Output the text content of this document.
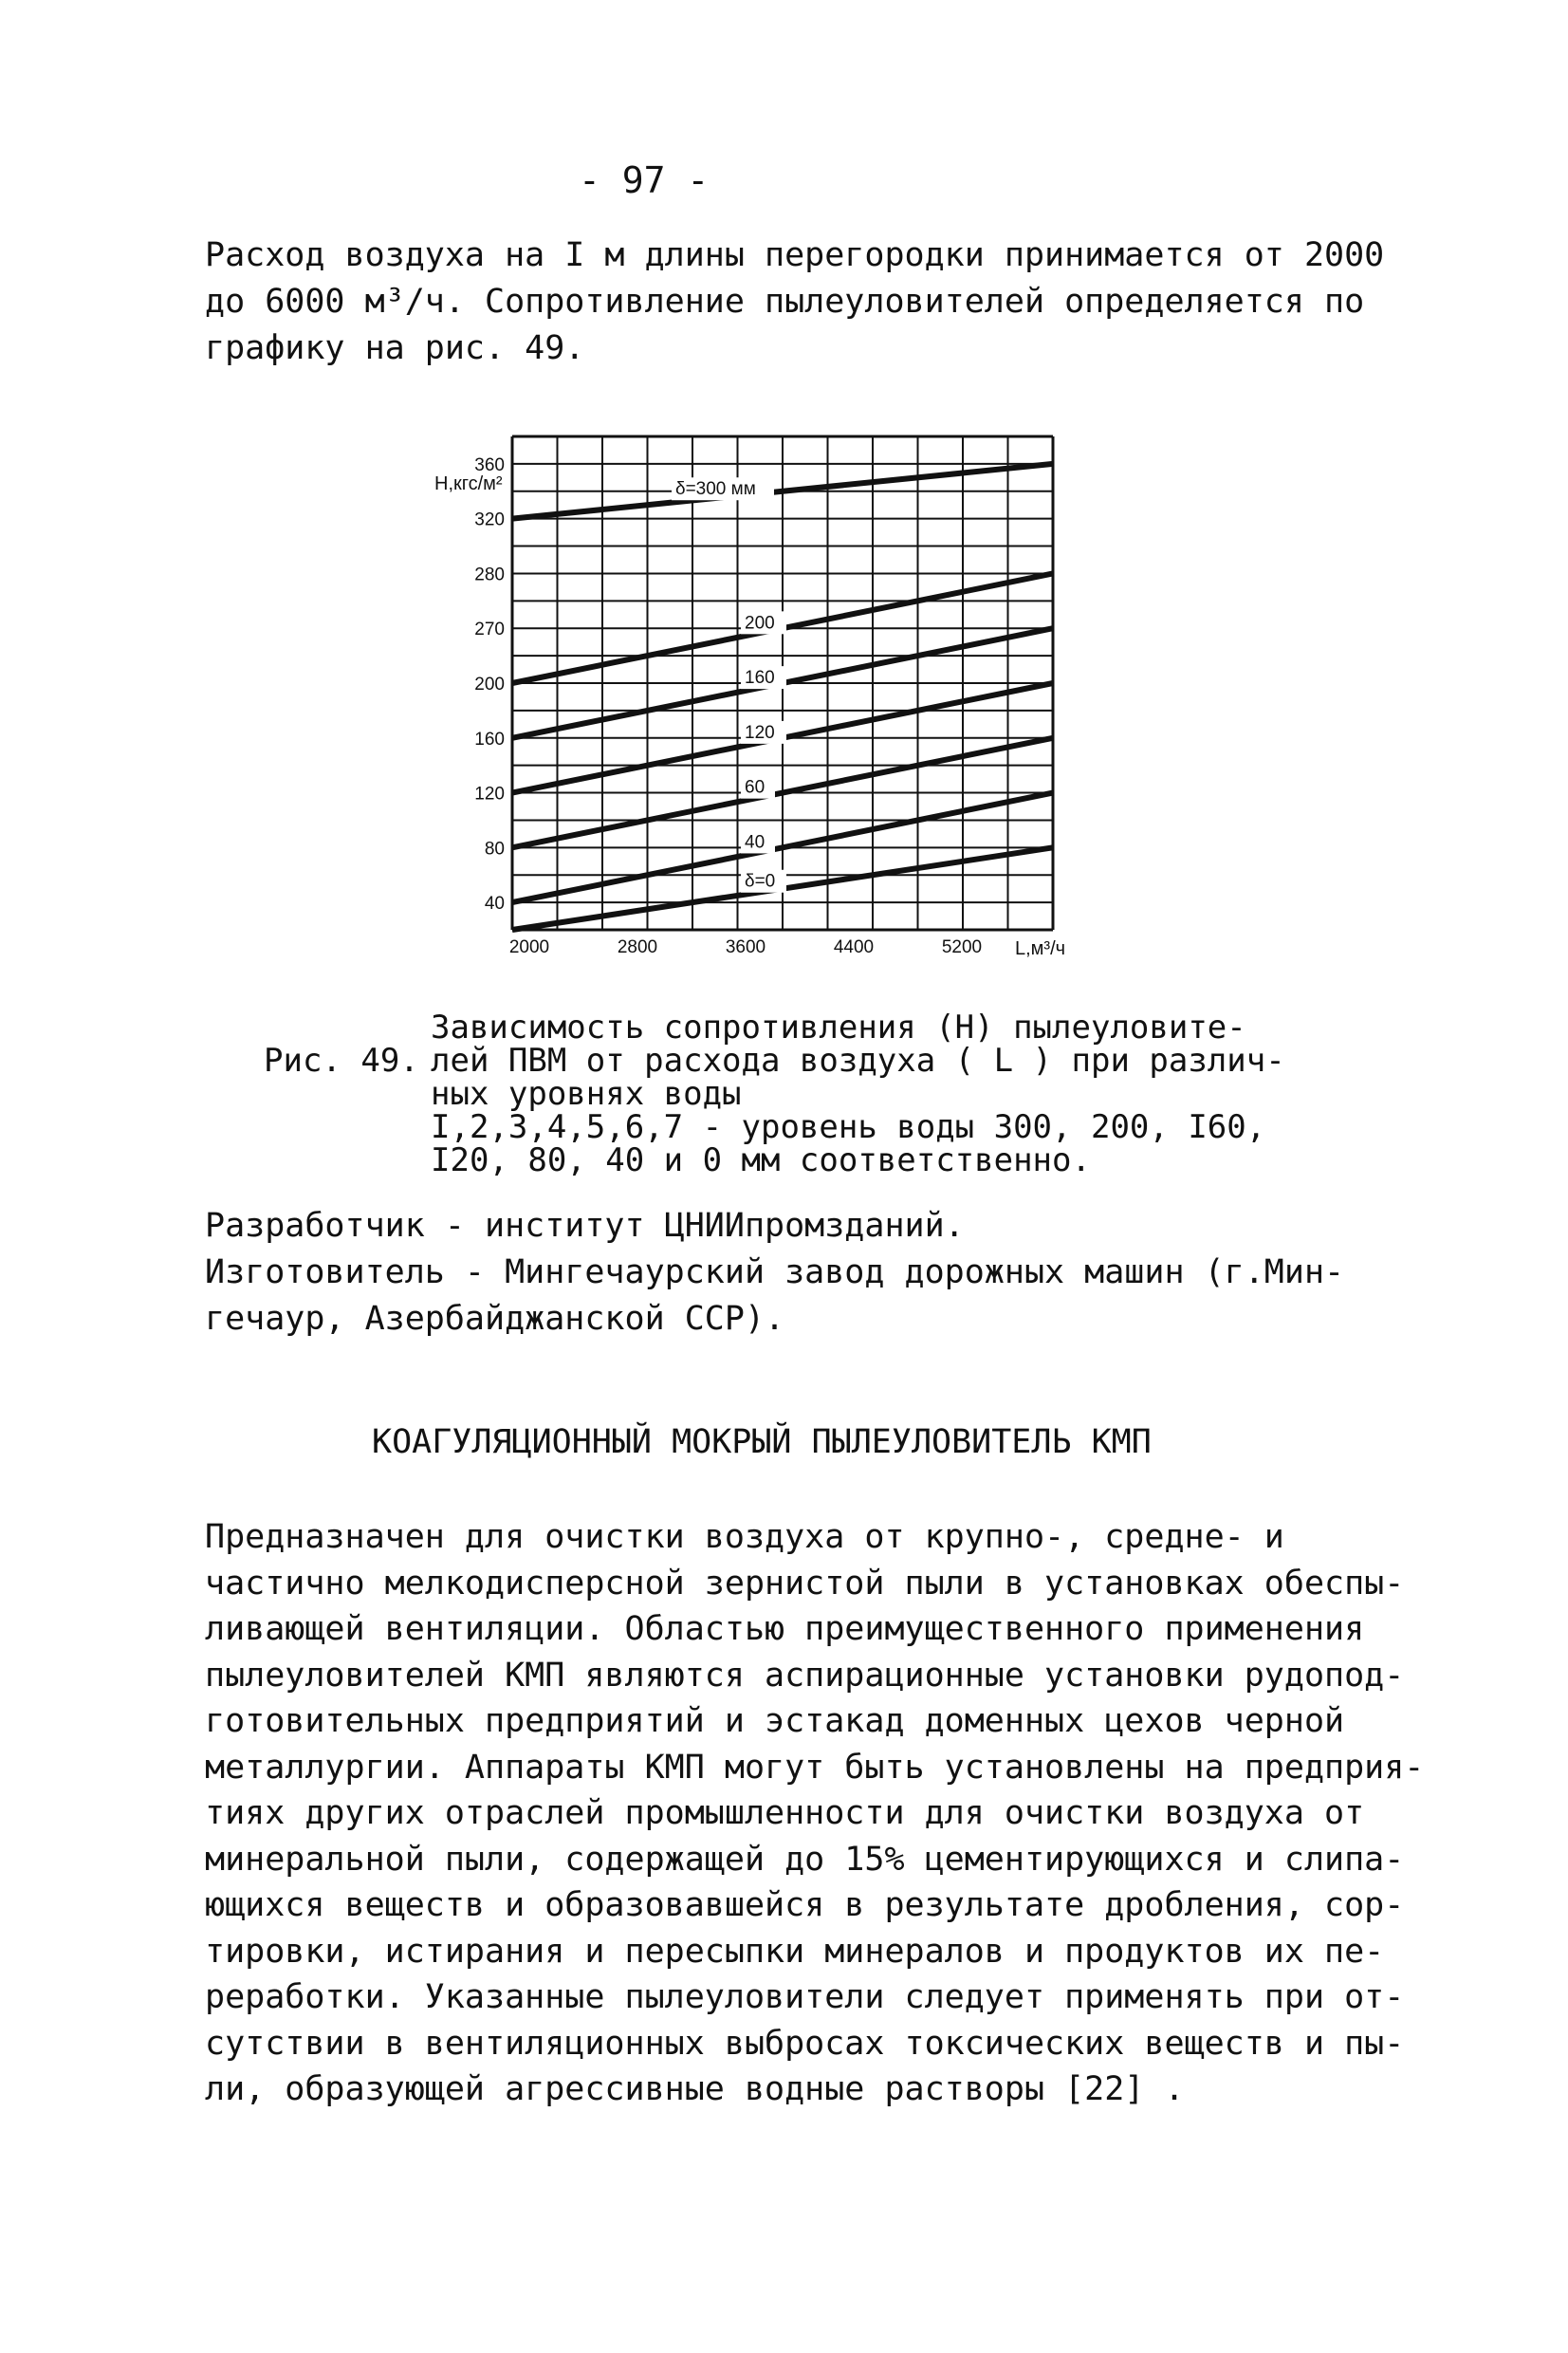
- 97 -

Расход воздуха на I м длины перегородки принимается от 2000
до 6000 м³/ч. Сопротивление пылеуловителей определяется по
графику на рис. 49.

δ=300 мм
200
160
120
60
40
δ=0
360
320
280
270
200
160
120
80
40
2000	2800	3600	4400	5200
H,кгс/м²
L,м³/ч

Рис. 49.

Зависимость сопротивления (Н) пылеуловите-
лей ПВМ от расхода воздуха ( L ) при различ-
ных уровнях воды
I,2,3,4,5,6,7 - уровень воды 300, 200, I60,
I20, 80, 40 и 0 мм соответственно.

Разработчик - институт ЦНИИпромзданий.
Изготовитель - Мингечаурский завод дорожных машин (г.Мин-
гечаур, Азербайджанской ССР).

КОАГУЛЯЦИОННЫЙ МОКРЫЙ ПЫЛЕУЛОВИТЕЛЬ КМП

Предназначен для очистки воздуха от крупно-, средне- и
частично мелкодисперсной зернистой пыли в установках обеспы-
ливающей вентиляции. Областью преимущественного применения
пылеуловителей КМП являются аспирационные установки рудопод-
готовительных предприятий и эстакад доменных цехов черной
металлургии. Аппараты КМП могут быть установлены на предприя-
тиях других отраслей промышленности для очистки воздуха от
минеральной пыли, содержащей до 15% цементирующихся и слипа-
ющихся веществ и образовавшейся в результате дробления, сор-
тировки, истирания и пересыпки минералов и продуктов их пе-
реработки. Указанные пылеуловители следует применять при от-
сутствии в вентиляционных выбросах токсических веществ и пы-
ли, образующей агрессивные водные растворы [22] .
